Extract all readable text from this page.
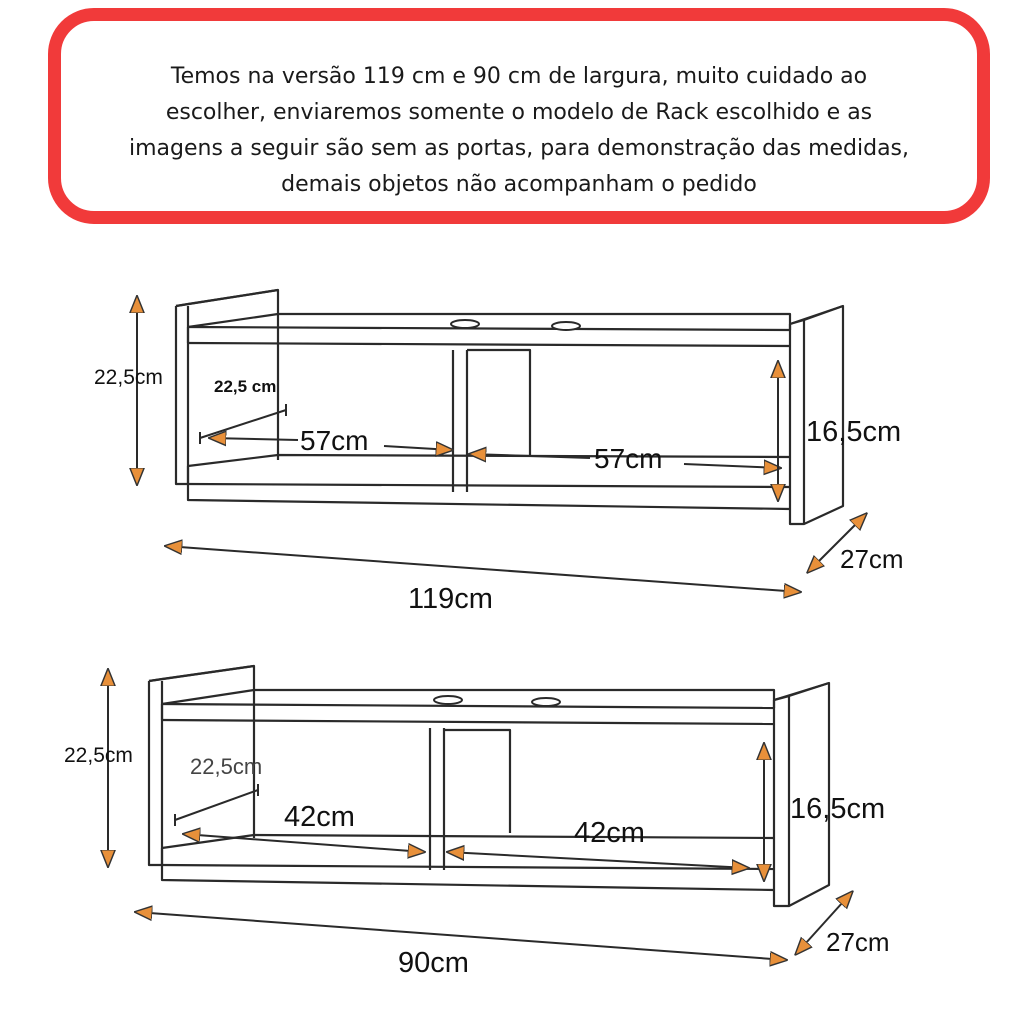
Temos na versão 119 cm e 90 cm de largura, muito cuidado ao escolher, enviaremos somente o modelo de Rack escolhido e as imagens a seguir são sem as portas, para demonstração das medidas, demais objetos não acompanham o pedido
22,5cm	22,5 cm
57cm
57cm
16,5cm
119cm
27cm
22,5cm	22,5cm
42cm	42cm
16,5cm
90cm
27cm
